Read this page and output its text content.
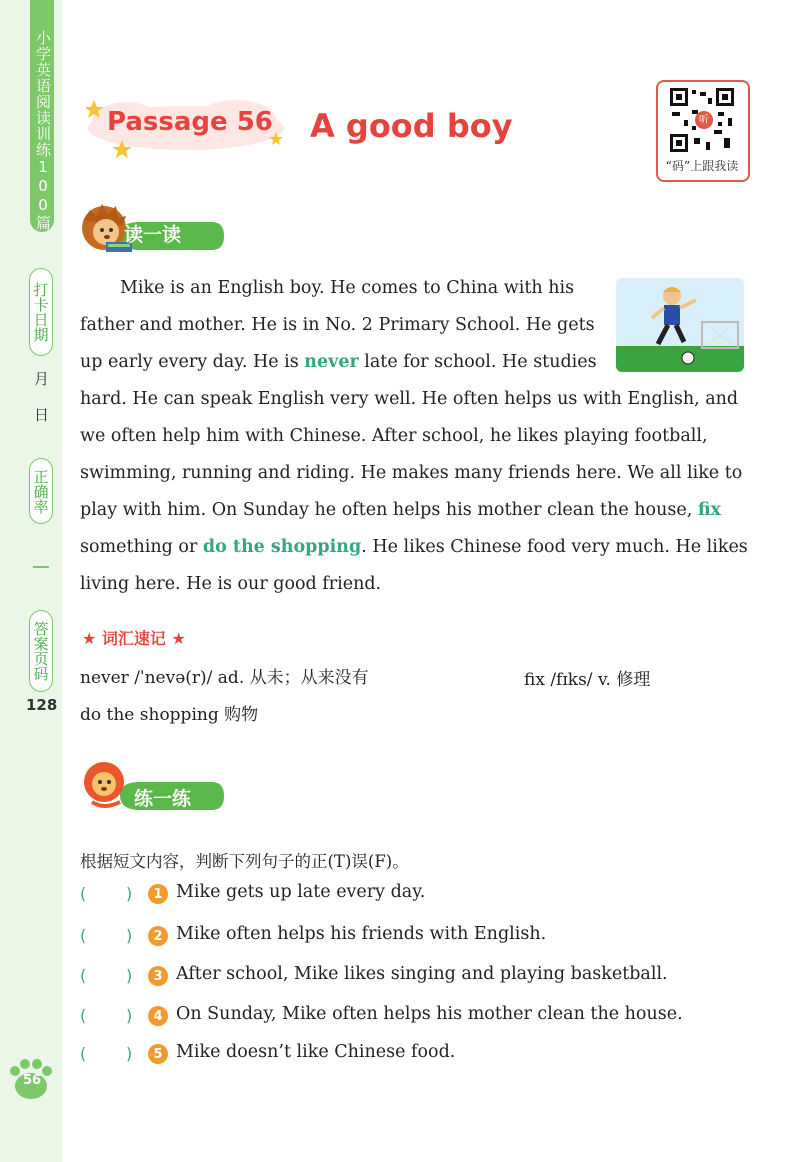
小学英语阅读训练100篇
打卡日期
月
日
正确率
答案页码
128
56
Passage 56 A good boy	听
“码”上跟我读
读一读
Mike is an English boy. He comes to China with his
father and mother. He is in No. 2 Primary School. He gets
up early every day. He is never late for school. He studies
hard. He can speak English very well. He often helps us with English, and
we often help him with Chinese. After school, he likes playing football,
swimming, running and riding. He makes many friends here. We all like to
play with him. On Sunday he often helps his mother clean the house, fix
something or do the shopping. He likes Chinese food very much. He likes
living here. He is our good friend.
★ 词汇速记 ★
never /ˈnevə(r)/ ad. 从未；从来没有	fix /fɪks/ v. 修理
do the shopping 购物
练一练
根据短文内容，判断下列句子的正(T)误(F)。
( )	1 Mike gets up late every day.
( )	2 Mike often helps his friends with English.
( )	3 After school, Mike likes singing and playing basketball.
( )	4 On Sunday, Mike often helps his mother clean the house.
( )	5 Mike doesn’t like Chinese food.
